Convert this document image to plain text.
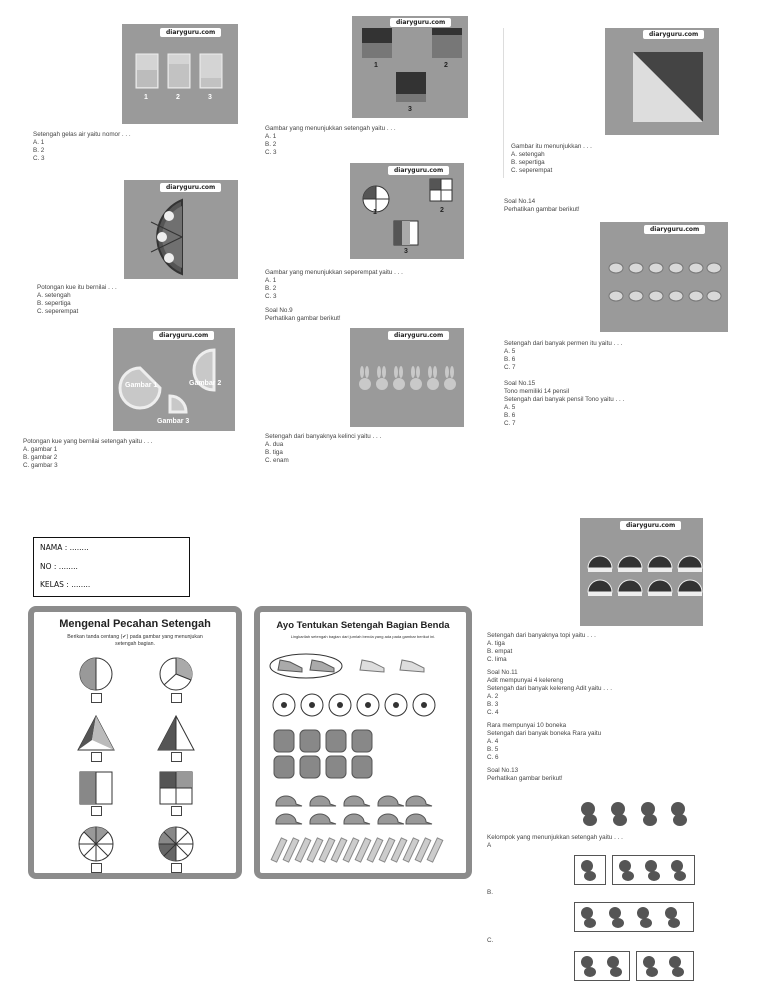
diaryguru.com
1	2	3
Setengah gelas air yaitu nomor . . .
A. 1
B. 2
C. 3
diaryguru.com
Potongan kue itu bernilai . . .
A. setengah
B. sepertiga
C. seperempat
diaryguru.com
Gambar 1	Gambar 2
Gambar 3
Potongan kue yang bernilai setengah yaitu . . .
A. gambar 1
B. gambar 2
C. gambar 3
diaryguru.com
1	2
3
Gambar yang menunjukkan setengah yaitu . . .
A. 1
B. 2
C. 3
diaryguru.com
1	2
3
Gambar yang menunjukkan seperempat yaitu . . .
A. 1
B. 2
C. 3
Soal No.9
Perhatikan gambar berikut!
diaryguru.com
Setengah dari banyaknya kelinci yaitu . . .
A. dua
B. tiga
C. enam
diaryguru.com
Gambar itu menunjukkan . . .
A. setengah
B. sepertiga
C. seperempat
Soal No.14
Perhatikan gambar berikut!
diaryguru.com
Setengah dari banyak permen itu yaitu . . .
A. 5
B. 6
C. 7
Soal No.15
Tono memiliki 14 pensil
Setengah dari banyak pensil Tono yaitu . . .
A. 5
B. 6
C. 7
NAMA : ........
NO : ........
KELAS : ........
Mengenal Pecahan Setengah
Berikan tanda centang (✔) pada gambar yang menunjukan
setengah bagian.
Ayo Tentukan Setengah Bagian Benda
Lingkarilah setengah bagian dari jumlah benda yang ada pada gambar berikut ini.
diaryguru.com
Setengah dari banyaknya topi yaitu . . .
A. tiga
B. empat
C. lima
Soal No.11
Adit mempunyai 4 kelereng
Setengah dari banyak kelereng Adit yaitu . . .
A. 2
B. 3
C. 4
Rara mempunyai 10 boneka
Setengah dari banyak boneka Rara yaitu
A. 4
B. 5
C. 6
Soal No.13
Perhatikan gambar berikut!
Kelompok yang menunjukkan setengah yaitu . . .
A
B.
C.
